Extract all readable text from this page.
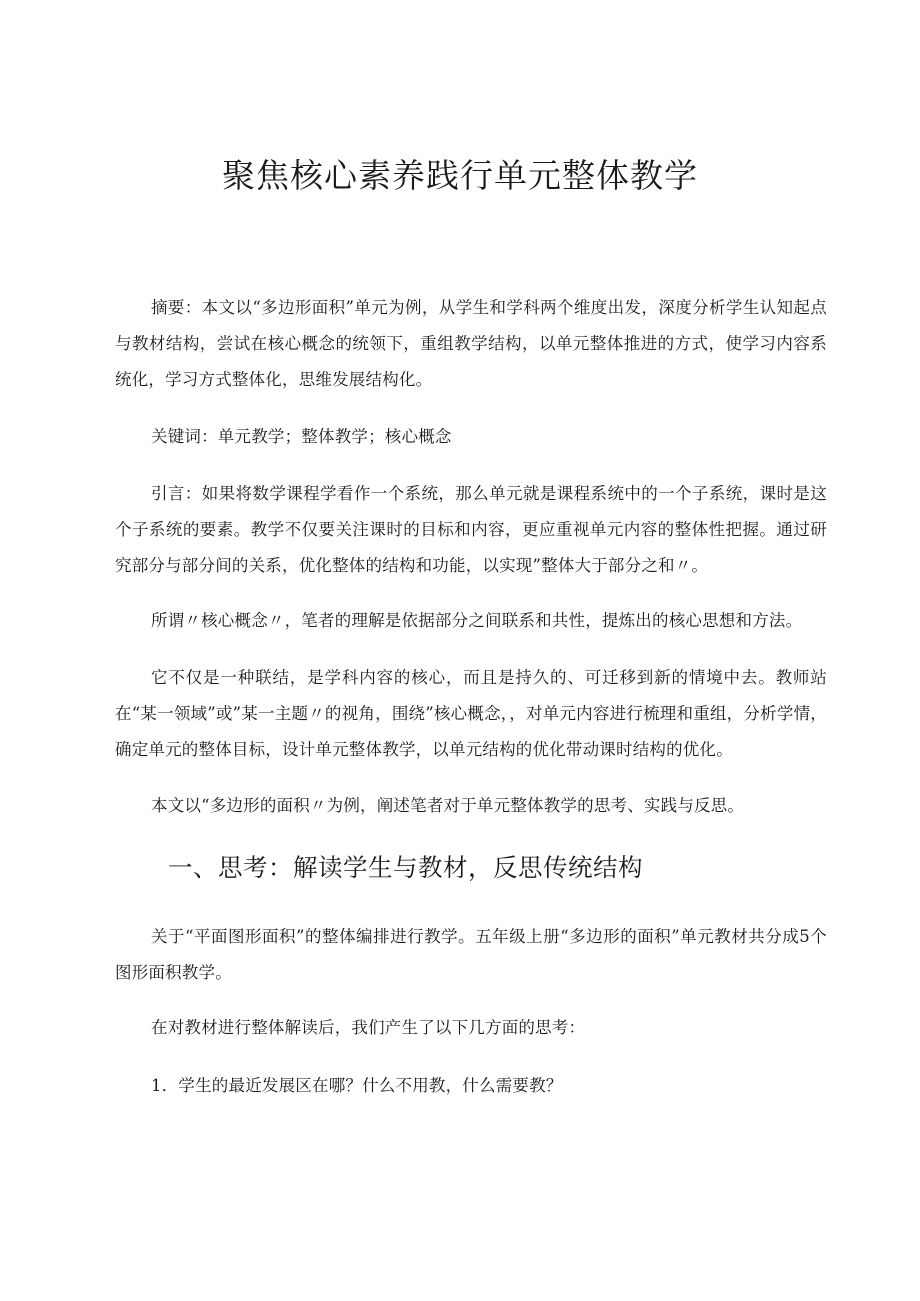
聚焦核心素养践行单元整体教学

摘要：本文以“多边形面积”单元为例，从学生和学科两个维度出发，深度分析学生认知起点与教材结构，尝试在核心概念的统领下，重组教学结构，以单元整体推进的方式，使学习内容系统化，学习方式整体化，思维发展结构化。

关键词：单元教学；整体教学；核心概念

引言：如果将数学课程学看作一个系统，那么单元就是课程系统中的一个子系统，课时是这个子系统的要素。教学不仅要关注课时的目标和内容，更应重视单元内容的整体性把握。通过研究部分与部分间的关系，优化整体的结构和功能，以实现”整体大于部分之和〃。

所谓〃核心概念〃，笔者的理解是依据部分之间联系和共性，提炼出的核心思想和方法。

它不仅是一种联结，是学科内容的核心，而且是持久的、可迁移到新的情境中去。教师站在“某一领域”或”某一主题〃的视角，围绕”核心概念，，对单元内容进行梳理和重组，分析学情，确定单元的整体目标，设计单元整体教学，以单元结构的优化带动课时结构的优化。

本文以“多边形的面积〃为例，阐述笔者对于单元整体教学的思考、实践与反思。

一、思考：解读学生与教材，反思传统结构

关于“平面图形面积”的整体编排进行教学。五年级上册“多边形的面积”单元教材共分成5个图形面积教学。

在对教材进行整体解读后，我们产生了以下几方面的思考：

1．学生的最近发展区在哪？什么不用教，什么需要教？
